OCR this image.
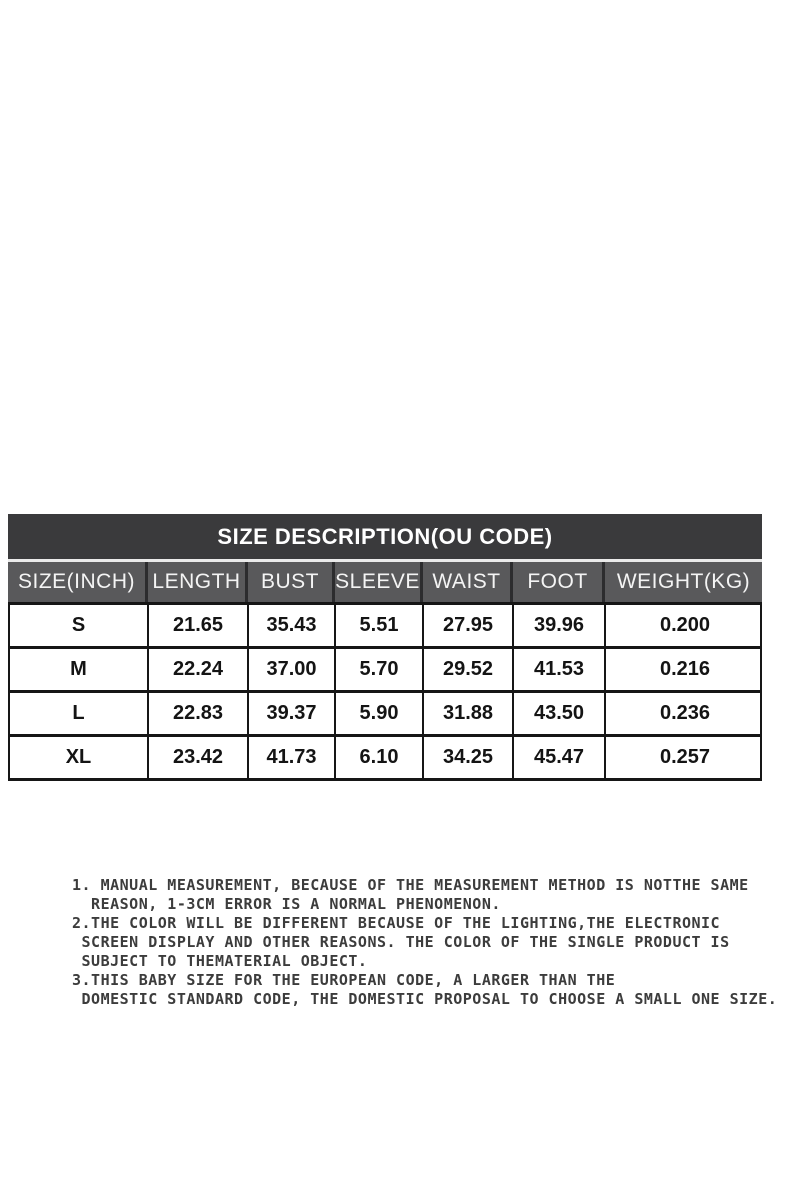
SIZE DESCRIPTION(OU CODE)
SIZE(INCH) LENGTH BUST SLEEVE WAIST	FOOT	WEIGHT(KG)
S	21.65	35.43	5.51	27.95	39.96	0.200
M	22.24	37.00	5.70	29.52	41.53	0.216
L	22.83	39.37	5.90	31.88	43.50	0.236
XL	23.42	41.73	6.10	34.25	45.47	0.257
1. MANUAL MEASUREMENT, BECAUSE OF THE MEASUREMENT METHOD IS NOTTHE SAME
REASON, 1-3CM ERROR IS A NORMAL PHENOMENON.
2.THE COLOR WILL BE DIFFERENT BECAUSE OF THE LIGHTING,THE ELECTRONIC
SCREEN DISPLAY AND OTHER REASONS. THE COLOR OF THE SINGLE PRODUCT IS
SUBJECT TO THEMATERIAL OBJECT.
3.THIS BABY SIZE FOR THE EUROPEAN CODE, A LARGER THAN THE
DOMESTIC STANDARD CODE, THE DOMESTIC PROPOSAL TO CHOOSE A SMALL ONE SIZE.
